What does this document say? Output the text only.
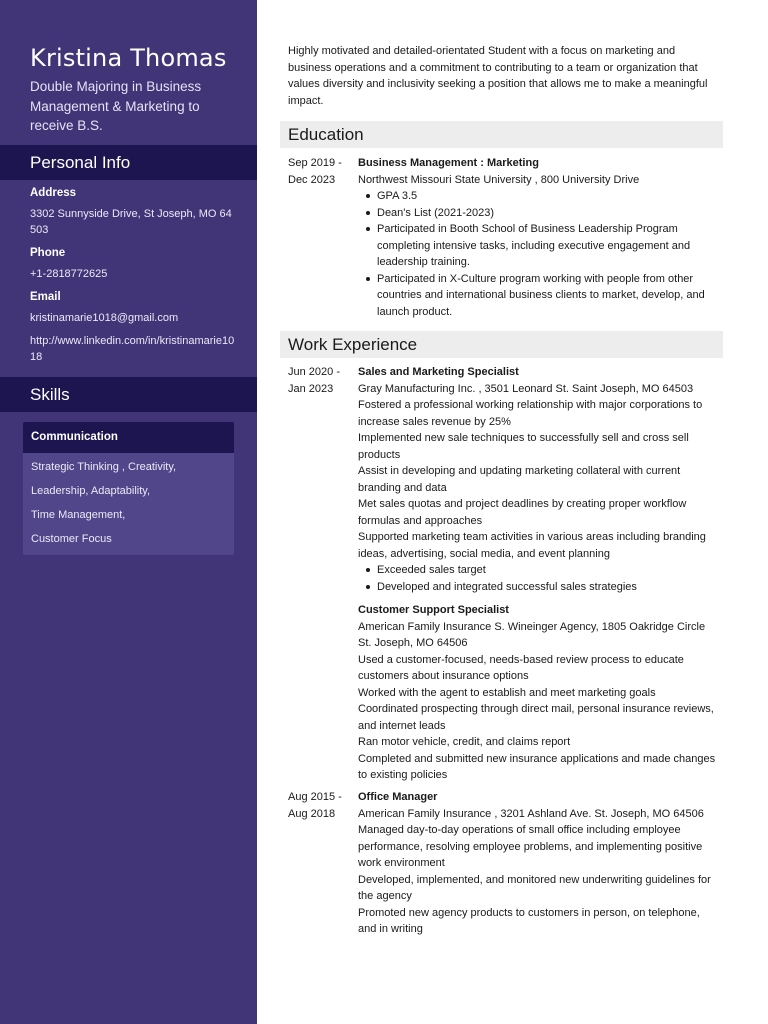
Kristina Thomas
Double Majoring in Business Management & Marketing to receive B.S.
Personal Info
Address
3302 Sunnyside Drive, St Joseph, MO 64503
Phone
+1-2818772625
Email
kristinamarie1018@gmail.com
http://www.linkedin.com/in/kristinamarie1018
Skills
Communication
Strategic Thinking , Creativity,
Leadership, Adaptability,
Time Management,
Customer Focus
Highly motivated and detailed-orientated Student with a focus on marketing and business operations and a commitment to contributing to a team or organization that values diversity and inclusivity seeking a position that allows me to make a meaningful impact.
Education
Sep 2019 -
Dec 2023
Business Management : Marketing
Northwest Missouri State University , 800 University Drive
GPA 3.5
Dean's List (2021-2023)
Participated in Booth School of Business Leadership Program completing intensive tasks, including executive engagement and leadership training.
Participated in X-Culture program working with people from other countries and international business clients to market, develop, and launch product.
Work Experience
Jun 2020 -
Jan 2023
Sales and Marketing Specialist
Gray Manufacturing Inc. , 3501 Leonard St. Saint Joseph, MO 64503
Fostered a professional working relationship with major corporations to increase sales revenue by 25%
Implemented new sale techniques to successfully sell and cross sell products
Assist in developing and updating marketing collateral with current branding and data
Met sales quotas and project deadlines by creating proper workflow formulas and approaches
Supported marketing team activities in various areas including branding ideas, advertising, social media, and event planning
Exceeded sales target
Developed and integrated successful sales strategies
Customer Support Specialist
American Family Insurance S. Wineinger Agency, 1805 Oakridge Circle St. Joseph, MO 64506
Used a customer-focused, needs-based review process to educate customers about insurance options
Worked with the agent to establish and meet marketing goals
Coordinated prospecting through direct mail, personal insurance reviews, and internet leads
Ran motor vehicle, credit, and claims report
Completed and submitted new insurance applications and made changes to existing policies
Aug 2015 -
Aug 2018
Office Manager
American Family Insurance , 3201 Ashland Ave. St. Joseph, MO 64506
Managed day-to-day operations of small office including employee performance, resolving employee problems, and implementing positive work environment
Developed, implemented, and monitored new underwriting guidelines for the agency
Promoted new agency products to customers in person, on telephone, and in writing
